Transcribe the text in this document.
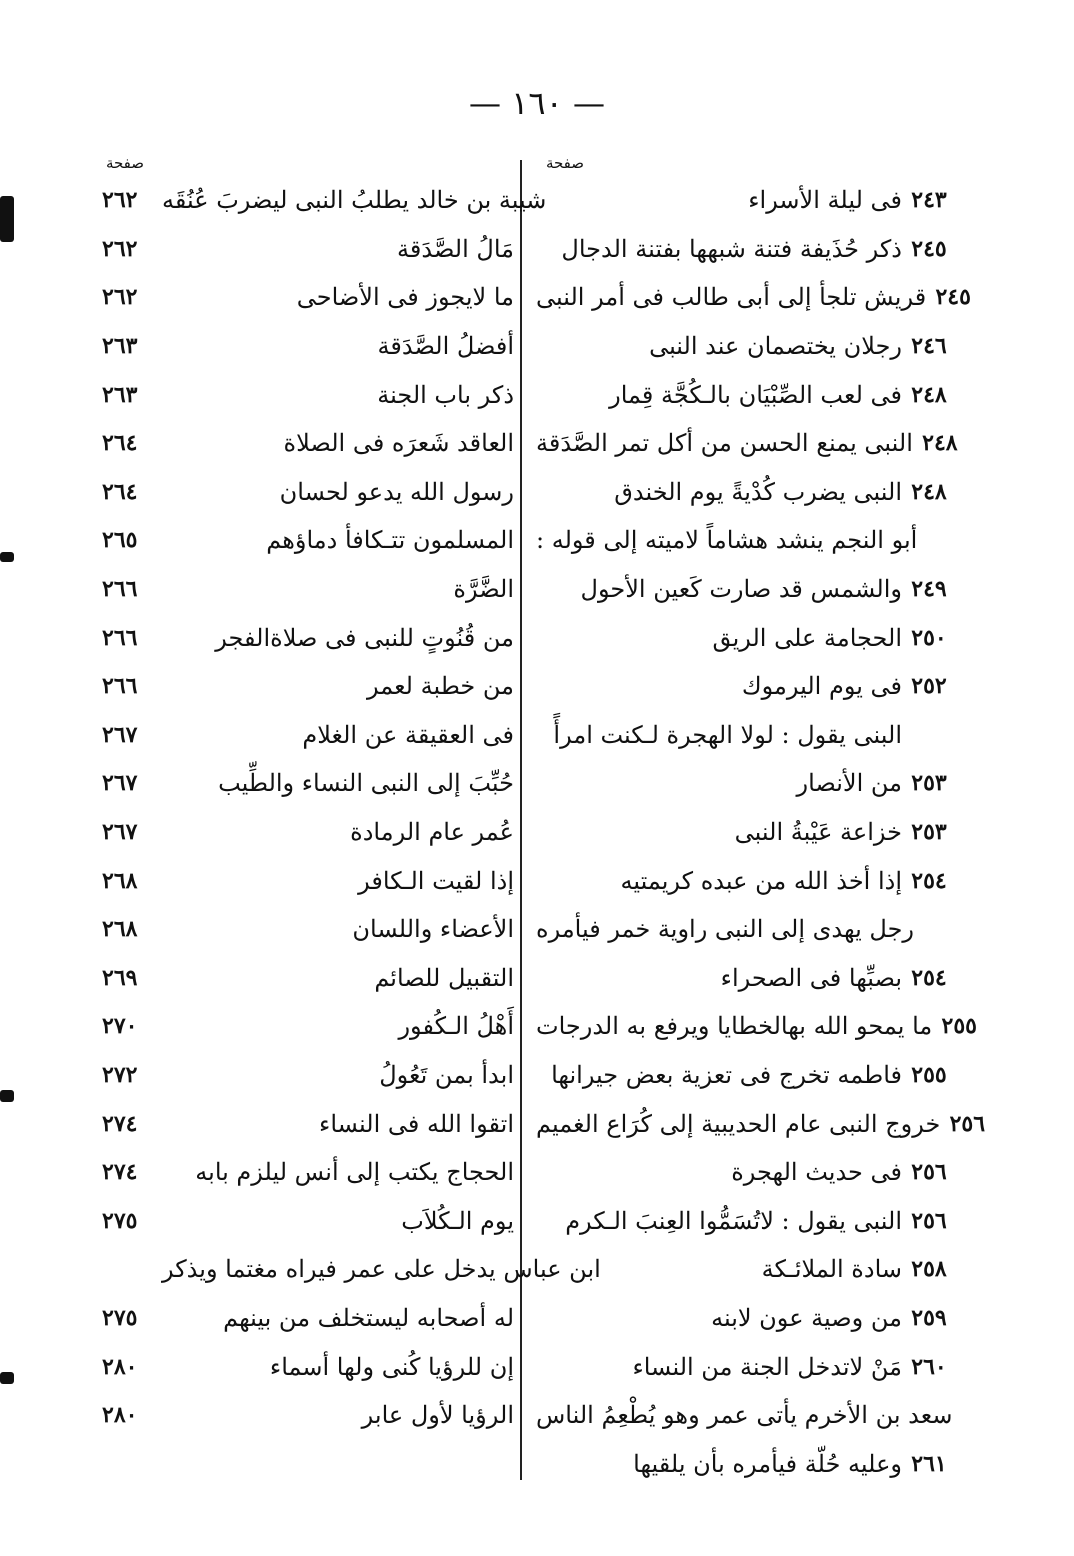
— ١٦٠ —
صفحة
فى ليلة الأسراء ٢٤٣
ذكر حُذَيفة فتنة شبهها بفتنة الدجال ٢٤٥
قريش تلجأ إلى أبى طالب فى أمر النبى ٢٤٥
رجلان يختصمان عند النبى ٢٤٦
فى لعب الصِّبْيَان بالـكُجَّة قِمار ٢٤٨
النبى يمنع الحسن من أكل تمر الصَّدَقة ٢٤٨
النبى يضرب كُدْيةً يوم الخندق ٢٤٨
أبو النجم ينشد هشاماً لاميته إلى قوله :
والشمس قد صارت كَعين الأحول ٢٤٩
الحجامة على الريق ٢٥٠
فى يوم اليرموك ٢٥٢
البنى يقول : لولا الهجرة لـكنت امرأً
من الأنصار ٢٥٣
خزاعة عَيْبةُ النبى ٢٥٣
إذا أخذ الله من عبده كريمتيه ٢٥٤
رجل يهدى إلى النبى راوية خمر فيأمره
بصبِّها فى الصحراء ٢٥٤
ما يمحو الله بهالخطايا ويرفع به الدرجات ٢٥٥
فاطمه تخرج فى تعزية بعض جيرانها ٢٥٥
خروج النبى عام الحديبية إلى كُرَاع الغميم ٢٥٦
فى حديث الهجرة ٢٥٦
النبى يقول : لاتُسَمُّوا العِنبَ الـكرم ٢٥٦
سادة الملائـكة ٢٥٨
من وصية عون لابنه ٢٥٩
مَنْ لاتدخل الجنة من النساء ٢٦٠
سعد بن الأخرم يأتى عمر وهو يُطْعِمُ الناس
وعليه حُلّة فيأمره بأن يلقيها ٢٦١
صفحة
٢٦٢	شيبة بن خالد يطلبُ النبى ليضربَ عُنُقَه
٢٦٢	مَالُ الصَّدَقة
٢٦٢	ما لايجوز فى الأضاحى
٢٦٣	أفضلُ الصَّدَقة
٢٦٣	ذكر باب الجنة
٢٦٤	العاقد شَعرَه فى الصلاة
٢٦٤	رسول الله يدعو لحسان
٢٦٥	المسلمون تتـكافأ دماؤهم
٢٦٦	الضَّرَّة
٢٦٦	من قُنُوتٍ للنبى فى صلاةالفجر
٢٦٦	من خطبة لعمر
٢٦٧	فى العقيقة عن الغلام
٢٦٧	حُبِّبَ إلى النبى النساء والطِّيب
٢٦٧	عُمر عام الرمادة
٢٦٨	إذا لقيت الـكافر
٢٦٨	الأعضاء واللسان
٢٦٩	التقبيل للصائم
٢٧٠	أَهْلُ الـكُفور
٢٧٢	ابدأ بمن تَعُولُ
٢٧٤	اتقوا الله فى النساء
٢٧٤	الحجاج يكتب إلى أنس ليلزم بابه
٢٧٥	يوم الـكُلاَب
ابن عباس يدخل على عمر فيراه مغتما ويذكر
٢٧٥	له أصحابه ليستخلف من بينهم
٢٨٠	إن للرؤيا كُنى ولها أسماء
٢٨٠	الرؤيا لأول عابر
